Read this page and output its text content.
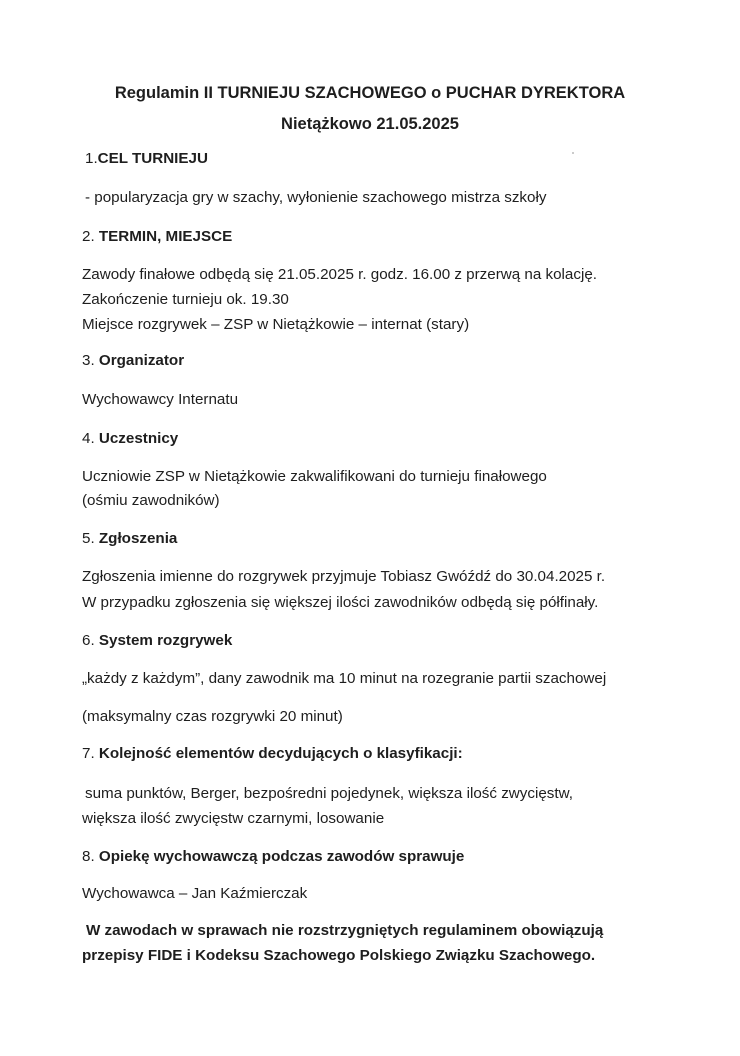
Regulamin II TURNIEJU SZACHOWEGO o PUCHAR DYREKTORA

Nietążkowo 21.05.2025

1.CEL TURNIEJU

- popularyzacja gry w szachy, wyłonienie szachowego mistrza szkoły

2. TERMIN, MIEJSCE

Zawody finałowe odbędą się 21.05.2025 r. godz. 16.00 z przerwą na kolację.

Zakończenie turnieju ok. 19.30

Miejsce rozgrywek – ZSP w Nietążkowie – internat (stary)

3. Organizator

Wychowawcy Internatu

4. Uczestnicy

Uczniowie ZSP w Nietążkowie zakwalifikowani do turnieju finałowego

(ośmiu zawodników)

5. Zgłoszenia

Zgłoszenia imienne do rozgrywek przyjmuje Tobiasz Gwóźdź do 30.04.2025 r.

W przypadku zgłoszenia się większej ilości zawodników odbędą się półfinały.

6. System rozgrywek

„każdy z każdym”, dany zawodnik ma 10 minut na rozegranie partii szachowej

(maksymalny czas rozgrywki 20 minut)

7. Kolejność elementów decydujących o klasyfikacji:

suma punktów, Berger, bezpośredni pojedynek, większa ilość zwycięstw,

większa ilość zwycięstw czarnymi, losowanie

8. Opiekę wychowawczą podczas zawodów sprawuje

Wychowawca – Jan Kaźmierczak

W zawodach w sprawach nie rozstrzygniętych regulaminem obowiązują

przepisy FIDE i Kodeksu Szachowego Polskiego Związku Szachowego.
